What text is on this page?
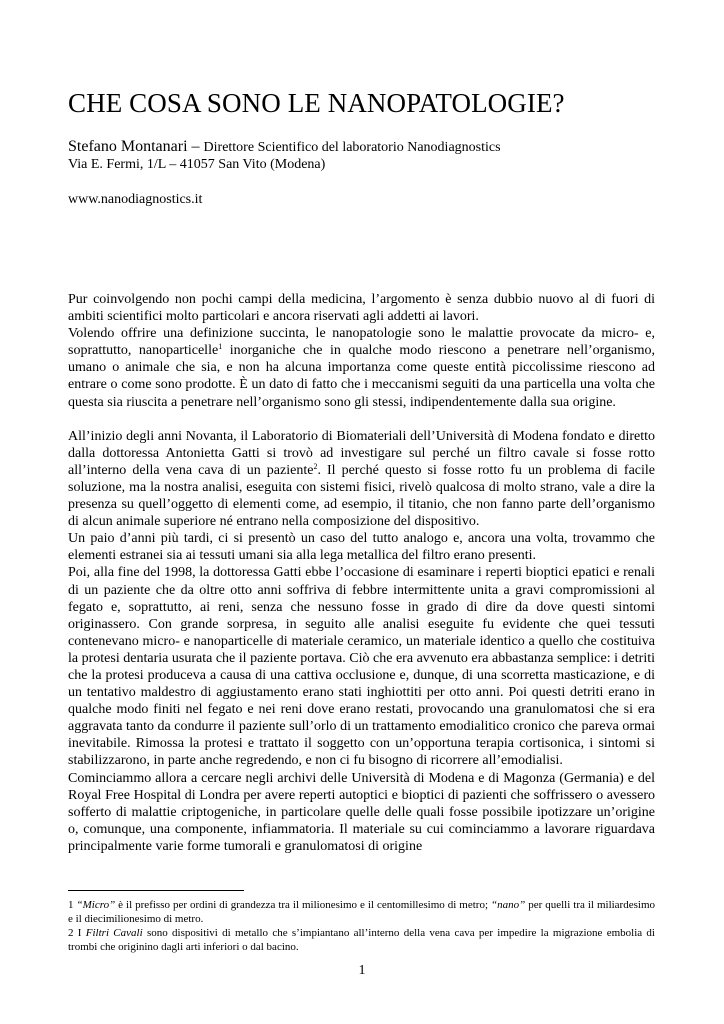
CHE COSA SONO LE NANOPATOLOGIE?
Stefano Montanari – Direttore Scientifico del laboratorio Nanodiagnostics
Via E. Fermi, 1/L – 41057 San Vito (Modena)
www.nanodiagnostics.it

Pur coinvolgendo non pochi campi della medicina, l’argomento è senza dubbio nuovo al di fuori di ambiti scientifici molto particolari e ancora riservati agli addetti ai lavori.

Volendo offrire una definizione succinta, le nanopatologie sono le malattie provocate da micro- e, soprattutto, nanoparticelle$^1$ inorganiche che in qualche modo riescono a penetrare nell’organismo, umano o animale che sia, e non ha alcuna importanza come queste entità piccolissime riescono ad entrare o come sono prodotte. È un dato di fatto che i meccanismi seguiti da una particella una volta che questa sia riuscita a penetrare nell’organismo sono gli stessi, indipendentemente dalla sua origine.

All’inizio degli anni Novanta, il Laboratorio di Biomateriali dell’Università di Modena fondato e diretto dalla dottoressa Antonietta Gatti si trovò ad investigare sul perché un filtro cavale si fosse rotto all’interno della vena cava di un paziente$^2$. Il perché questo si fosse rotto fu un problema di facile soluzione, ma la nostra analisi, eseguita con sistemi fisici, rivelò qualcosa di molto strano, vale a dire la presenza su quell’oggetto di elementi come, ad esempio, il titanio, che non fanno parte dell’organismo di alcun animale superiore né entrano nella composizione del dispositivo.

Un paio d’anni più tardi, ci si presentò un caso del tutto analogo e, ancora una volta, trovammo che elementi estranei sia ai tessuti umani sia alla lega metallica del filtro erano presenti.

Poi, alla fine del 1998, la dottoressa Gatti ebbe l’occasione di esaminare i reperti bioptici epatici e renali di un paziente che da oltre otto anni soffriva di febbre intermittente unita a gravi compromissioni al fegato e, soprattutto, ai reni, senza che nessuno fosse in grado di dire da dove questi sintomi originassero. Con grande sorpresa, in seguito alle analisi eseguite fu evidente che quei tessuti contenevano micro- e nanoparticelle di materiale ceramico, un materiale identico a quello che costituiva la protesi dentaria usurata che il paziente portava. Ciò che era avvenuto era abbastanza semplice: i detriti che la protesi produceva a causa di una cattiva occlusione e, dunque, di una scorretta masticazione, e di un tentativo maldestro di aggiustamento erano stati inghiottiti per otto anni. Poi questi detriti erano in qualche modo finiti nel fegato e nei reni dove erano restati, provocando una granulomatosi che si era aggravata tanto da condurre il paziente sull’orlo di un trattamento emodialitico cronico che pareva ormai inevitabile. Rimossa la protesi e trattato il soggetto con un’opportuna terapia cortisonica, i sintomi si stabilizzarono, in parte anche regredendo, e non ci fu bisogno di ricorrere all’emodialisi.

Cominciammo allora a cercare negli archivi delle Università di Modena e di Magonza (Germania) e del Royal Free Hospital di Londra per avere reperti autoptici e bioptici di pazienti che soffrissero o avessero sofferto di malattie criptogeniche, in particolare quelle delle quali fosse possibile ipotizzare un’origine o, comunque, una componente, infiammatoria. Il materiale su cui cominciammo a lavorare riguardava principalmente varie forme tumorali e granulomatosi di origine

1 “Micro” è il prefisso per ordini di grandezza tra il milionesimo e il centomillesimo di metro; “nano” per quelli tra il miliardesimo e il diecimilionesimo di metro.

2 I Filtri Cavali sono dispositivi di metallo che s’impiantano all’interno della vena cava per impedire la migrazione embolia di trombi che originino dagli arti inferiori o dal bacino.

1
